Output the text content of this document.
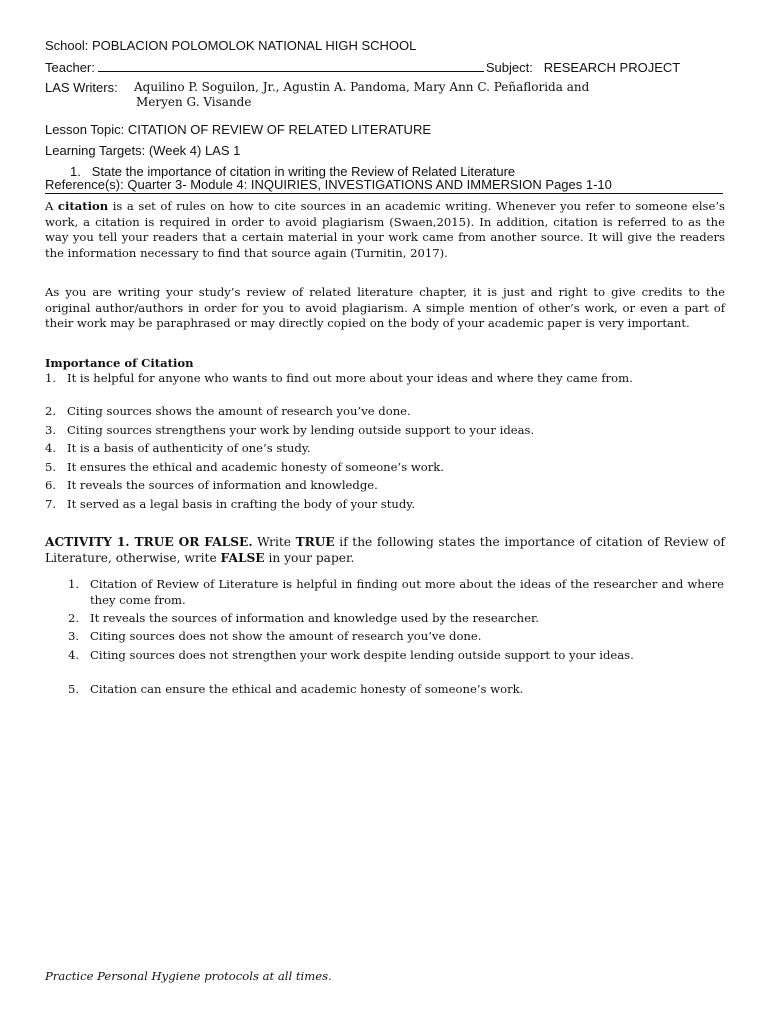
School: POBLACION POLOMOLOK NATIONAL HIGH SCHOOL
Teacher:	Subject: RESEARCH PROJECT
LAS Writers: Aquilino P. Soguilon, Jr., Agustin A. Pandoma, Mary Ann C. Peñaflorida and
Meryen G. Visande
Lesson Topic: CITATION OF REVIEW OF RELATED LITERATURE
Learning Targets: (Week 4) LAS 1
1. State the importance of citation in writing the Review of Related Literature
Reference(s): Quarter 3- Module 4: INQUIRIES, INVESTIGATIONS AND IMMERSION Pages 1-10
A citation is a set of rules on how to cite sources in an academic writing. Whenever you refer to someone else’s work, a citation is required in order to avoid plagiarism (Swaen,2015). In addition, citation is referred to as the way you tell your readers that a certain material in your work came from another source. It will give the readers the information necessary to find that source again (Turnitin, 2017).
As you are writing your study’s review of related literature chapter, it is just and right to give credits to the original author/authors in order for you to avoid plagiarism. A simple mention of other’s work, or even a part of their work may be paraphrased or may directly copied on the body of your academic paper is very important.
Importance of Citation
1. It is helpful for anyone who wants to find out more about your ideas and where they came from.
2. Citing sources shows the amount of research you’ve done.
3. Citing sources strengthens your work by lending outside support to your ideas.
4. It is a basis of authenticity of one’s study.
5. It ensures the ethical and academic honesty of someone’s work.
6. It reveals the sources of information and knowledge.
7. It served as a legal basis in crafting the body of your study.
ACTIVITY 1. TRUE OR FALSE. Write TRUE if the following states the importance of citation of Review of Literature, otherwise, write FALSE in your paper.
1. Citation of Review of Literature is helpful in finding out more about the ideas of the researcher and where they come from.
2. It reveals the sources of information and knowledge used by the researcher.
3. Citing sources does not show the amount of research you’ve done.
4. Citing sources does not strengthen your work despite lending outside support to your ideas.
5. Citation can ensure the ethical and academic honesty of someone’s work.
Practice Personal Hygiene protocols at all times.
